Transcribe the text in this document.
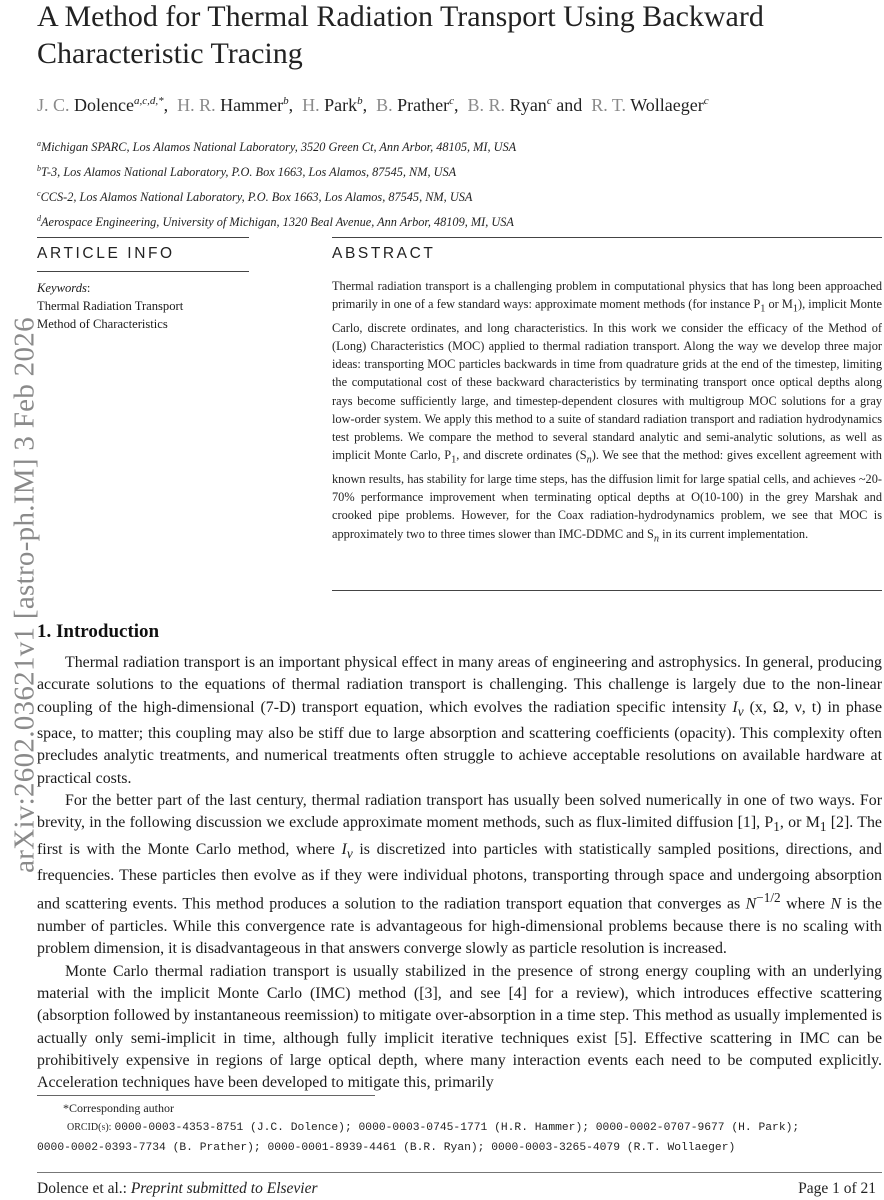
A Method for Thermal Radiation Transport Using Backward Characteristic Tracing
J. C. Dolence$^{a,c,d,*}$,  H. R. Hammer$^b$,  H. Park$^b$,  B. Prather$^c$,  B. R. Ryan$^c$ and R. T. Wollaeger$^c$
$^a$Michigan SPARC, Los Alamos National Laboratory, 3520 Green Ct, Ann Arbor, 48105, MI, USA
$^b$T-3, Los Alamos National Laboratory, P.O. Box 1663, Los Alamos, 87545, NM, USA
$^c$CCS-2, Los Alamos National Laboratory, P.O. Box 1663, Los Alamos, 87545, NM, USA
$^d$Aerospace Engineering, University of Michigan, 1320 Beal Avenue, Ann Arbor, 48109, MI, USA
arXiv:2602.03621v1 [astro-ph.IM] 3 Feb 2026
ARTICLE INFO
Keywords:
Thermal Radiation Transport
Method of Characteristics
ABSTRACT
Thermal radiation transport is a challenging problem in computational physics that has long been approached primarily in one of a few standard ways: approximate moment methods (for instance $P_1$ or $M_1$), implicit Monte Carlo, discrete ordinates, and long characteristics. In this work we consider the efficacy of the Method of (Long) Characteristics (MOC) applied to thermal radiation transport. Along the way we develop three major ideas: transporting MOC particles backwards in time from quadrature grids at the end of the timestep, limiting the computational cost of these backward characteristics by terminating transport once optical depths along rays become sufficiently large, and timestep-dependent closures with multigroup MOC solutions for a gray low-order system. We apply this method to a suite of standard radiation transport and radiation hydrodynamics test problems. We compare the method to several standard analytic and semi-analytic solutions, as well as implicit Monte Carlo, $P_1$, and discrete ordinates $(S_n)$. We see that the method: gives excellent agreement with known results, has stability for large time steps, has the diffusion limit for large spatial cells, and achieves ~20-70% performance improvement when terminating optical depths at O(10-100) in the grey Marshak and crooked pipe problems. However, for the Coax radiation-hydrodynamics problem, we see that MOC is approximately two to three times slower than IMC-DDMC and $S_n$ in its current implementation.
1. Introduction

Thermal radiation transport is an important physical effect in many areas of engineering and astrophysics. In general, producing accurate solutions to the equations of thermal radiation transport is challenging. This challenge is largely due to the non-linear coupling of the high-dimensional (7-D) transport equation, which evolves the radiation specific intensity $I_\nu$ (x, Ω, ν, t) in phase space, to matter; this coupling may also be stiff due to large absorption and scattering coefficients (opacity). This complexity often precludes analytic treatments, and numerical treatments often struggle to achieve acceptable resolutions on available hardware at practical costs.

For the better part of the last century, thermal radiation transport has usually been solved numerically in one of two ways. For brevity, in the following discussion we exclude approximate moment methods, such as flux-limited diffusion [1], $P_1$, or $M_1$ [2]. The first is with the Monte Carlo method, where $I_\nu$ is discretized into particles with statistically sampled positions, directions, and frequencies. These particles then evolve as if they were individual photons, transporting through space and undergoing absorption and scattering events. This method produces a solution to the radiation transport equation that converges as $N^{-1/2}$ where N is the number of particles. While this convergence rate is advantageous for high-dimensional problems because there is no scaling with problem dimension, it is disadvantageous in that answers converge slowly as particle resolution is increased.

Monte Carlo thermal radiation transport is usually stabilized in the presence of strong energy coupling with an underlying material with the implicit Monte Carlo (IMC) method ([3], and see [4] for a review), which introduces effective scattering (absorption followed by instantaneous reemission) to mitigate over-absorption in a time step. This method as usually implemented is actually only semi-implicit in time, although fully implicit iterative techniques exist [5]. Effective scattering in IMC can be prohibitively expensive in regions of large optical depth, where many interaction events each need to be computed explicitly. Acceleration techniques have been developed to mitigate this, primarily

*Corresponding author
ORCID(s): 0000-0003-4353-8751 (J.C. Dolence); 0000-0003-0745-1771 (H.R. Hammer); 0000-0002-0707-9677 (H. Park);
0000-0002-0393-7734 (B. Prather); 0000-0001-8939-4461 (B.R. Ryan); 0000-0003-3265-4079 (R.T. Wollaeger)
Dolence et al.: Preprint submitted to Elsevier	Page 1 of 21
